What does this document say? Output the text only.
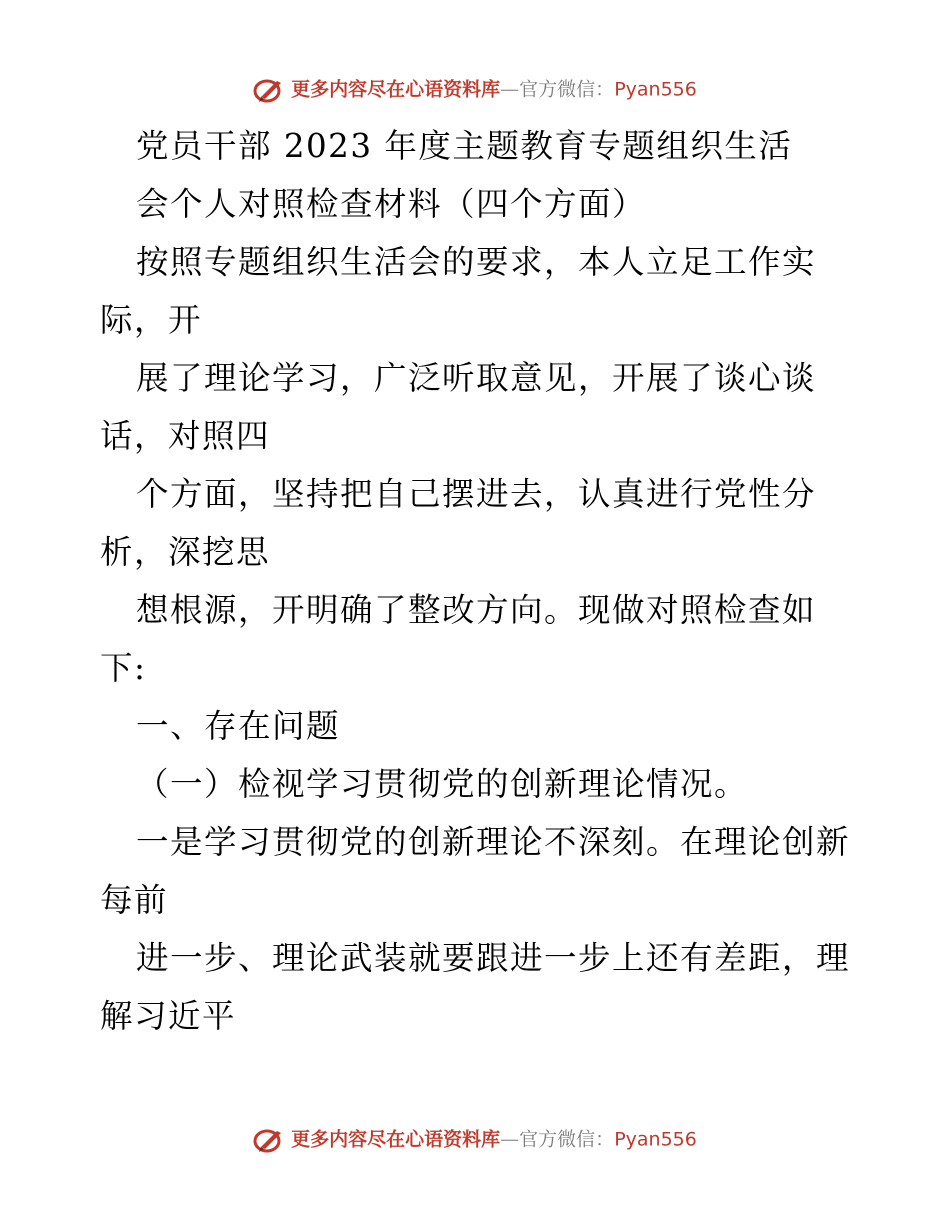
更多内容尽在心语资料库—官方微信：Pyan556
党员干部 2023 年度主题教育专题组织生活
会个人对照检查材料（四个方面）
按照专题组织生活会的要求，本人立足工作实
际，开
展了理论学习，广泛听取意见，开展了谈心谈
话，对照四
个方面，坚持把自己摆进去，认真进行党性分
析，深挖思
想根源，开明确了整改方向。现做对照检查如
下:
一、存在问题
（一）检视学习贯彻党的创新理论情况。
一是学习贯彻党的创新理论不深刻。在理论创新
每前
进一步、理论武装就要跟进一步上还有差距，理
解习近平
更多内容尽在心语资料库—官方微信：Pyan556
